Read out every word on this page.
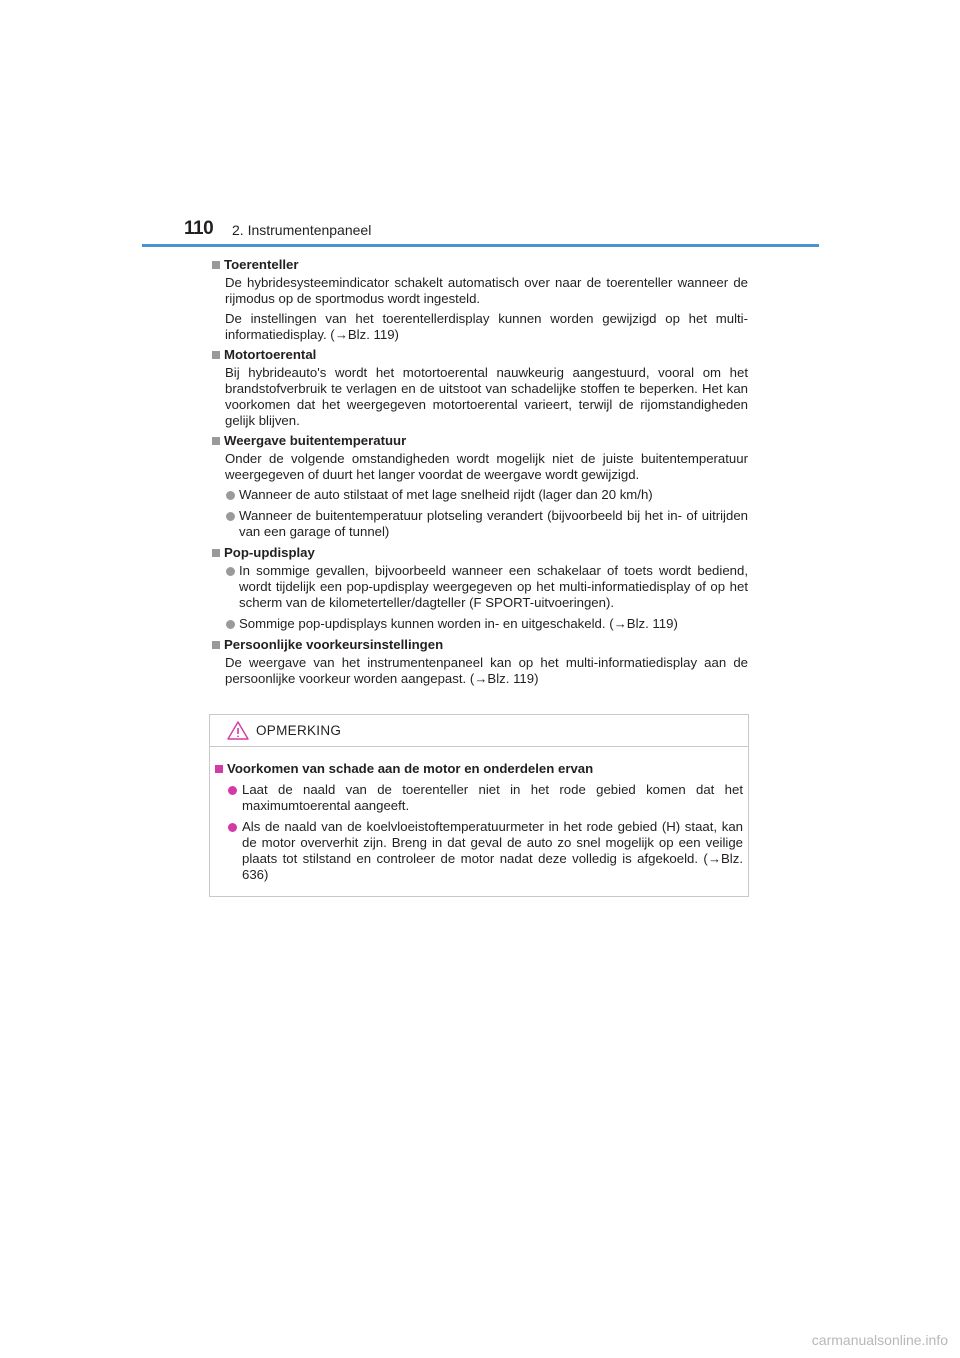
110 2. Instrumentenpaneel
Toerenteller

De hybridesysteemindicator schakelt automatisch over naar de toerenteller wanneer de rijmodus op de sportmodus wordt ingesteld.

De instellingen van het toerentellerdisplay kunnen worden gewijzigd op het multi-informatiedisplay. (→Blz. 119)

Motortoerental

Bij hybrideauto's wordt het motortoerental nauwkeurig aangestuurd, vooral om het brandstofverbruik te verlagen en de uitstoot van schadelijke stoffen te beperken. Het kan voorkomen dat het weergegeven motortoerental varieert, terwijl de rijomstandigheden gelijk blijven.

Weergave buitentemperatuur

Onder de volgende omstandigheden wordt mogelijk niet de juiste buitentemperatuur weergegeven of duurt het langer voordat de weergave wordt gewijzigd.

Wanneer de auto stilstaat of met lage snelheid rijdt (lager dan 20 km/h)
Wanneer de buitentemperatuur plotseling verandert (bijvoorbeeld bij het in- of uitrijden van een garage of tunnel)
Pop-updisplay
In sommige gevallen, bijvoorbeeld wanneer een schakelaar of toets wordt bediend, wordt tijdelijk een pop-updisplay weergegeven op het multi-informatiedisplay of op het scherm van de kilometerteller/dagteller (F SPORT-uitvoeringen).
Sommige pop-updisplays kunnen worden in- en uitgeschakeld. (→Blz. 119)
Persoonlijke voorkeursinstellingen

De weergave van het instrumentenpaneel kan op het multi-informatiedisplay aan de persoonlijke voorkeur worden aangepast. (→Blz. 119)

OPMERKING
Voorkomen van schade aan de motor en onderdelen ervan
Laat de naald van de toerenteller niet in het rode gebied komen dat het maximumtoerental aangeeft.
Als de naald van de koelvloeistoftemperatuurmeter in het rode gebied (H) staat, kan de motor oververhit zijn. Breng in dat geval de auto zo snel mogelijk op een veilige plaats tot stilstand en controleer de motor nadat deze volledig is afgekoeld. (→Blz. 636)
carmanualsonline.info
